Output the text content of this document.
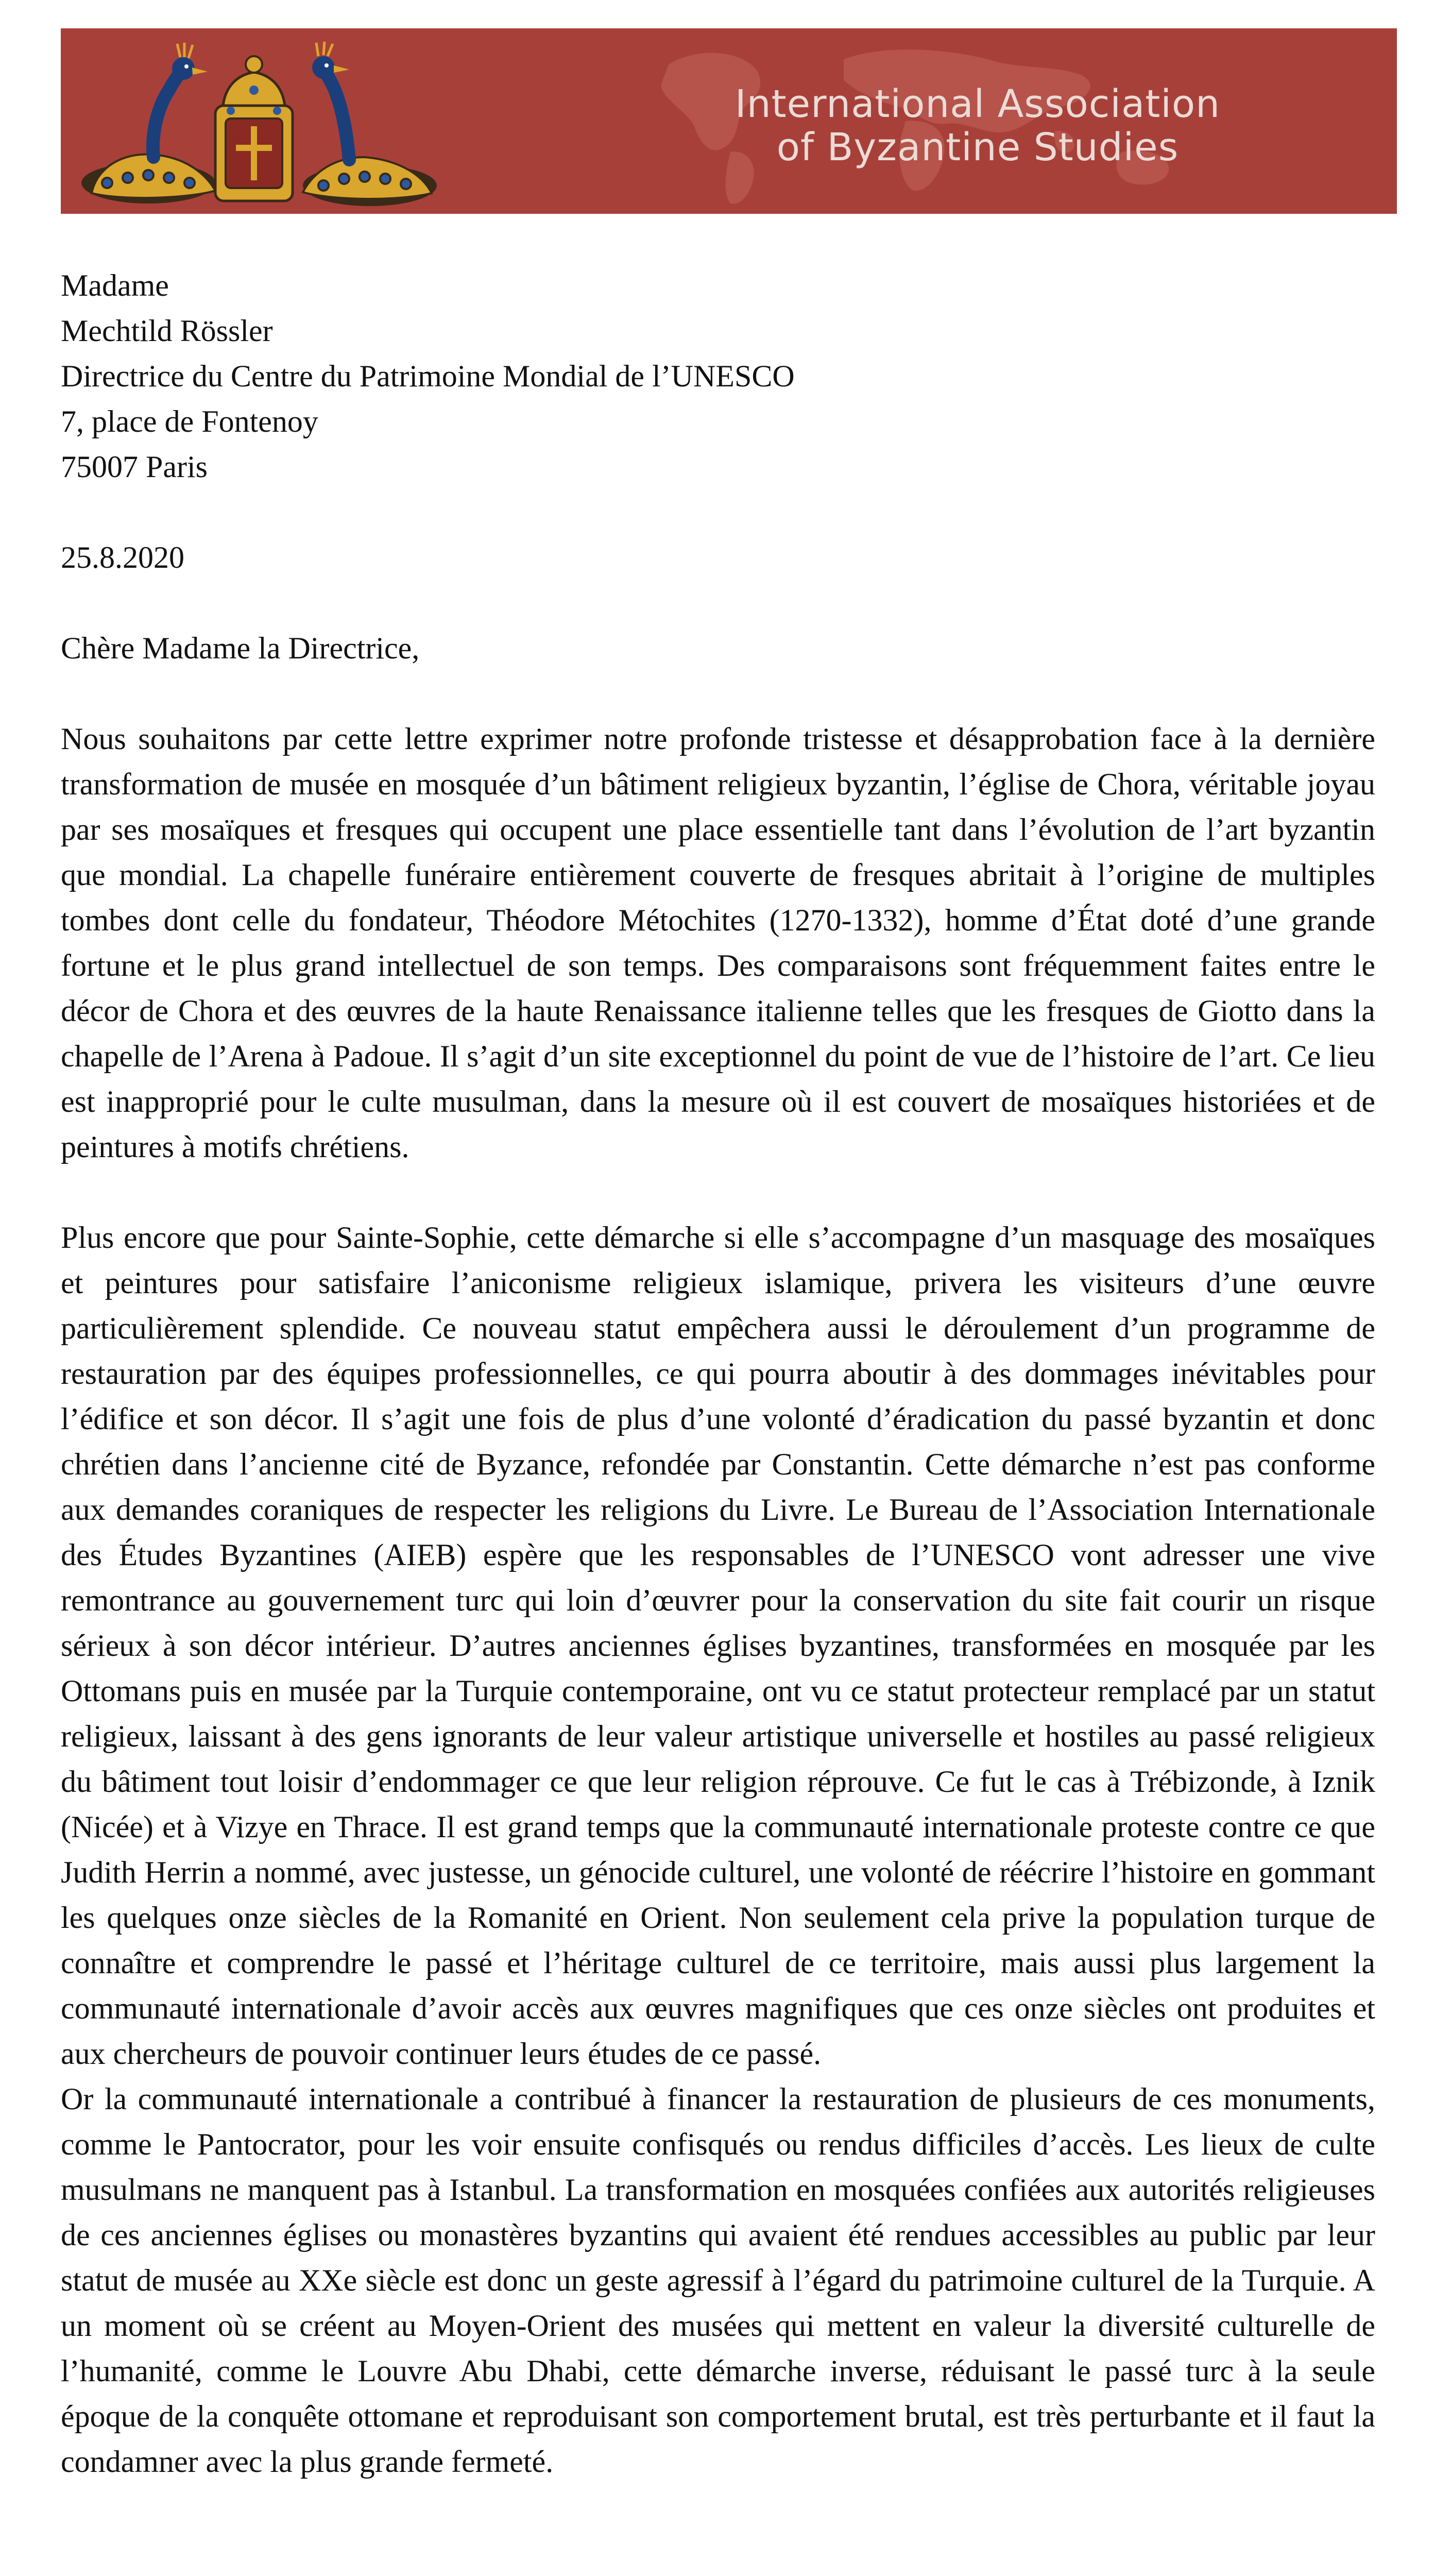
International Association
of Byzantine Studies

Madame

Mechtild Rӧssler

Directrice du Centre du Patrimoine Mondial de l’UNESCO

7, place de Fontenoy

75007 Paris

25.8.2020

Chère Madame la Directrice,

Nous souhaitons par cette lettre exprimer notre profonde tristesse et désapprobation face à la dernière transformation de musée en mosquée d’un bâtiment religieux byzantin, l’église de Chora, véritable joyau par ses mosaïques et fresques qui occupent une place essentielle tant dans l’évolution de l’art byzantin que mondial. La chapelle funéraire entièrement couverte de fresques abritait à l’origine de multiples tombes dont celle du fondateur, Théodore Métochites (1270-1332), homme d’État doté d’une grande fortune et le plus grand intellectuel de son temps. Des comparaisons sont fréquemment faites entre le décor de Chora et des œuvres de la haute Renaissance italienne telles que les fresques de Giotto dans la chapelle de l’Arena à Padoue. Il s’agit d’un site exceptionnel du point de vue de l’histoire de l’art. Ce lieu est inapproprié pour le culte musulman, dans la mesure où il est couvert de mosaïques historiées et de peintures à motifs chrétiens.

Plus encore que pour Sainte-Sophie, cette démarche si elle s’accompagne d’un masquage des mosaïques et peintures pour satisfaire l’aniconisme religieux islamique, privera les visiteurs d’une œuvre particulièrement splendide. Ce nouveau statut empêchera aussi le déroulement d’un programme de restauration par des équipes professionnelles, ce qui pourra aboutir à des dommages inévitables pour l’édifice et son décor. Il s’agit une fois de plus d’une volonté d’éradication du passé byzantin et donc chrétien dans l’ancienne cité de Byzance, refondée par Constantin. Cette démarche n’est pas conforme aux demandes coraniques de respecter les religions du Livre. Le Bureau de l’Association Internationale des Études Byzantines (AIEB) espère que les responsables de l’UNESCO vont adresser une vive remontrance au gouvernement turc qui loin d’œuvrer pour la conservation du site fait courir un risque sérieux à son décor intérieur. D’autres anciennes églises byzantines, transformées en mosquée par les Ottomans puis en musée par la Turquie contemporaine, ont vu ce statut protecteur remplacé par un statut religieux, laissant à des gens ignorants de leur valeur artistique universelle et hostiles au passé religieux du bâtiment tout loisir d’endommager ce que leur religion réprouve. Ce fut le cas à Trébizonde, à Iznik (Nicée) et à Vizye en Thrace. Il est grand temps que la communauté internationale proteste contre ce que Judith Herrin a nommé, avec justesse, un génocide culturel, une volonté de réécrire l’histoire en gommant les quelques onze siècles de la Romanité en Orient. Non seulement cela prive la population turque de connaître et comprendre le passé et l’héritage culturel de ce territoire, mais aussi plus largement la communauté internationale d’avoir accès aux œuvres magnifiques que ces onze siècles ont produites et aux chercheurs de pouvoir continuer leurs études de ce passé.

Or la communauté internationale a contribué à financer la restauration de plusieurs de ces monuments, comme le Pantocrator, pour les voir ensuite confisqués ou rendus difficiles d’accès. Les lieux de culte musulmans ne manquent pas à Istanbul. La transformation en mosquées confiées aux autorités religieuses de ces anciennes églises ou monastères byzantins qui avaient été rendues accessibles au public par leur statut de musée au XXe siècle est donc un geste agressif à l’égard du patrimoine culturel de la Turquie. A un moment où se créent au Moyen-Orient des musées qui mettent en valeur la diversité culturelle de l’humanité, comme le Louvre Abu Dhabi, cette démarche inverse, réduisant le passé turc à la seule époque de la conquête ottomane et reproduisant son comportement brutal, est très perturbante et il faut la condamner avec la plus grande fermeté.
